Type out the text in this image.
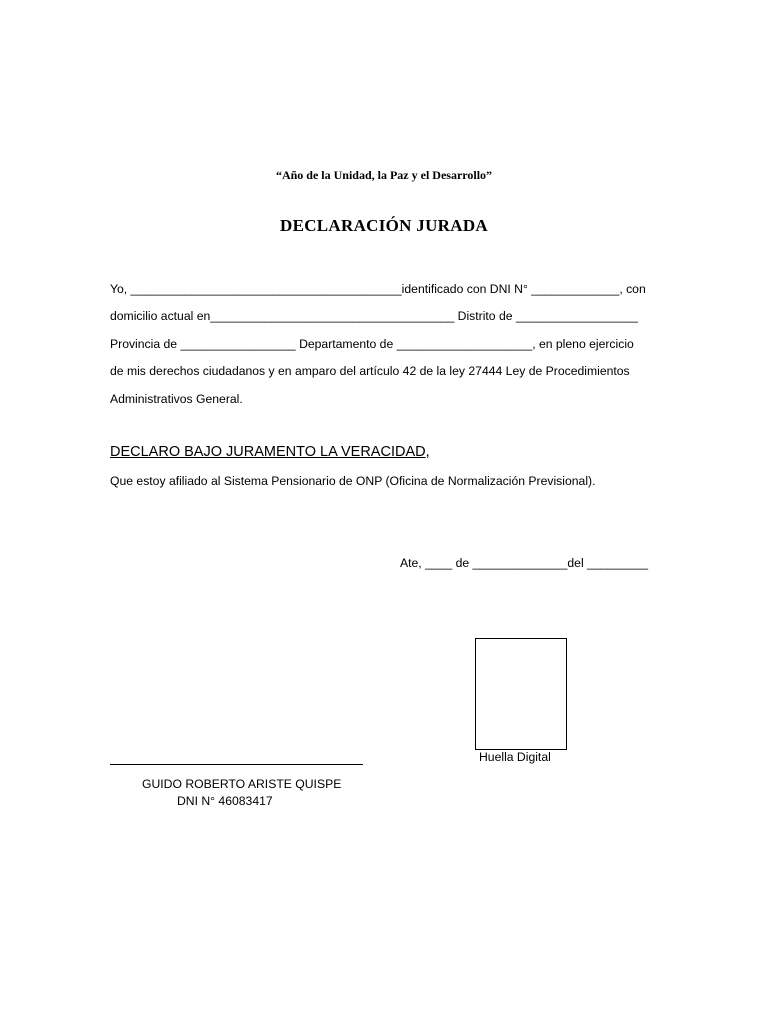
“Año de la Unidad, la Paz y el Desarrollo”
DECLARACIÓN JURADA
Yo, ________________________________________identificado con DNI N° _____________, con
domicilio actual en____________________________________ Distrito de __________________
Provincia de _________________ Departamento de ____________________, en pleno ejercicio
de mis derechos ciudadanos y en amparo del artículo 42 de la ley 27444 Ley de Procedimientos
Administrativos General.
DECLARO BAJO JURAMENTO LA VERACIDAD,
Que estoy afiliado al Sistema Pensionario de ONP (Oficina de Normalización Previsional).
Ate, ____ de ______________del _________
Huella Digital
GUIDO ROBERTO ARISTE QUISPE
DNI N° 46083417
